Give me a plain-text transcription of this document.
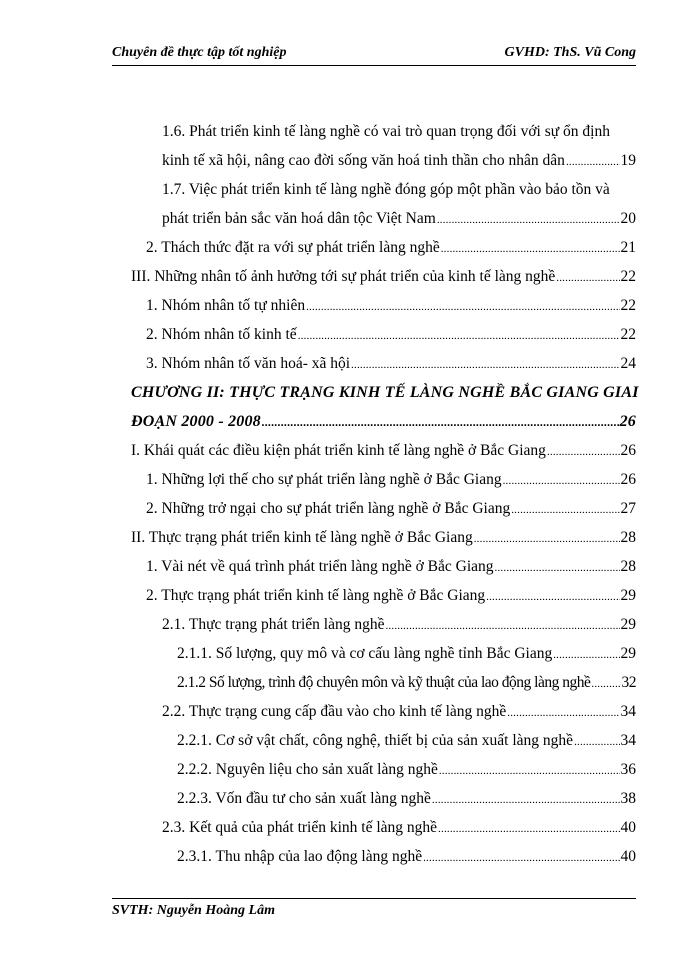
Chuyên đề thực tập tốt nghiệp	GVHD: ThS. Vũ Cong
1.6. Phát triển kinh tế làng nghề có vai trò quan trọng đối với sự ổn định
kinh tế xã hội, nâng cao đời sống văn hoá tinh thần cho nhân dân .....	19
1.7. Việc phát triển kinh tế làng nghề đóng góp một phần vào bảo tồn và
phát triển bản sắc văn hoá dân tộc Việt Nam .....	20
2. Thách thức đặt ra với sự phát triển làng nghề .....	21
III. Những nhân tố ảnh hưởng tới sự phát triển của kinh tế làng nghề .....	22
1. Nhóm nhân tố tự nhiên .....	22
2. Nhóm nhân tố kinh tế .....	22
3. Nhóm nhân tố văn hoá- xã hội .....	24
CHƯƠNG II: THỰC TRẠNG KINH TẾ LÀNG NGHỀ BẮC GIANG GIAI
ĐOẠN 2000 - 2008 .....	26
I. Khái quát các điều kiện phát triển kinh tế làng nghề ở Bắc Giang .....	26
1. Những lợi thế cho sự phát triển làng nghề ở Bắc Giang .....	26
2. Những trở ngại cho sự phát triển làng nghề ở Bắc Giang .....	27
II. Thực trạng phát triển kinh tế làng nghề ở Bắc Giang .....	28
1. Vài nét về quá trình phát triển làng nghề ở Bắc Giang .....	28
2. Thực trạng phát triển kinh tế làng nghề ở Bắc Giang .....	29
2.1. Thực trạng phát triển làng nghề .....	29
2.1.1. Số lượng, quy mô và cơ cấu làng nghề tỉnh Bắc Giang .....	29
2.1.2 Số lượng, trình độ chuyên môn và kỹ thuật của lao động làng nghề ..... 32
2.2. Thực trạng cung cấp đầu vào cho kinh tế làng nghề .....	34
2.2.1. Cơ sở vật chất, công nghệ, thiết bị của sản xuất làng nghề .....	34
2.2.2. Nguyên liệu cho sản xuất làng nghề .....	36
2.2.3. Vốn đầu tư cho sản xuất làng nghề .....	38
2.3. Kết quả của phát triển kinh tế làng nghề .....	40
2.3.1. Thu nhập của lao động làng nghề .....	40
SVTH: Nguyễn Hoàng Lâm
